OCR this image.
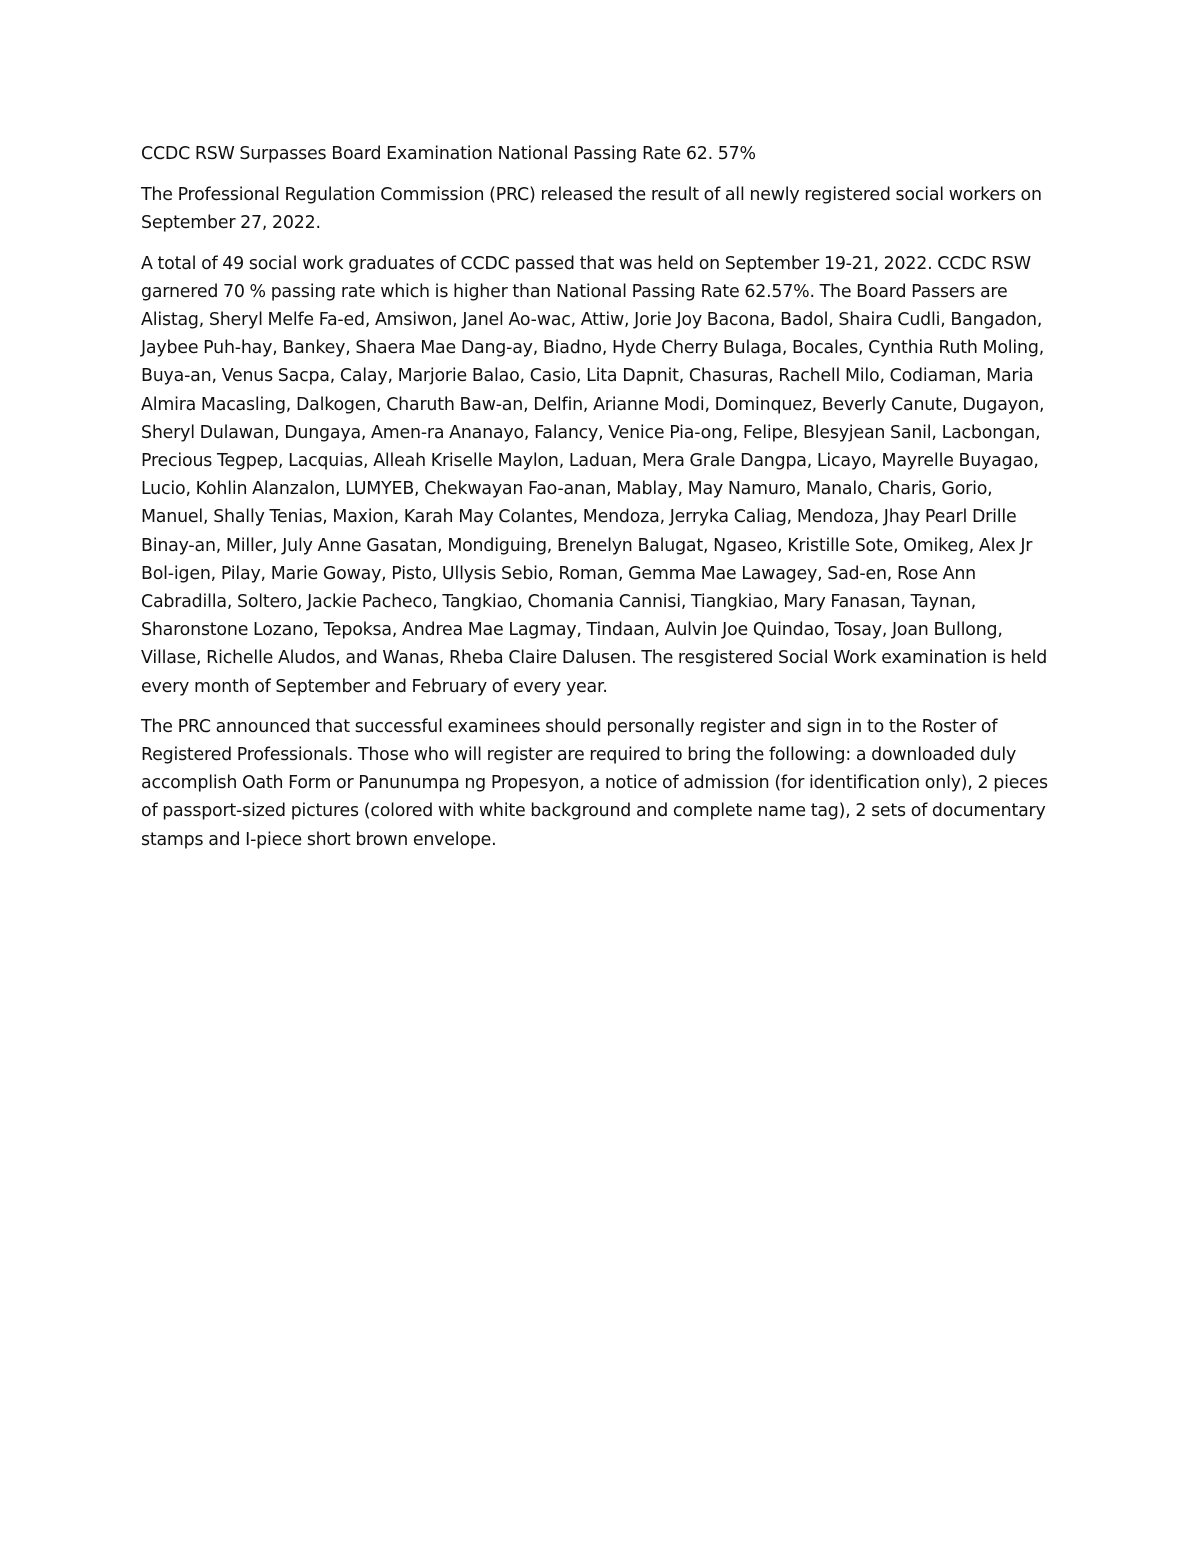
CCDC RSW Surpasses Board Examination National Passing Rate 62. 57%

The Professional Regulation Commission (PRC) released the result of all newly registered social workers on September 27, 2022.

A total of 49 social work graduates of CCDC passed that was held on September 19-21, 2022. CCDC RSW garnered 70 % passing rate which is higher than National Passing Rate 62.57%. The Board Passers are Alistag, Sheryl Melfe Fa-ed, Amsiwon, Janel Ao-wac, Attiw, Jorie Joy Bacona, Badol, Shaira Cudli, Bangadon, Jaybee Puh-hay, Bankey, Shaera Mae Dang-ay, Biadno, Hyde Cherry Bulaga, Bocales, Cynthia Ruth Moling, Buya-an, Venus Sacpa, Calay, Marjorie Balao, Casio, Lita Dapnit, Chasuras, Rachell Milo, Codiaman, Maria Almira Macasling, Dalkogen, Charuth Baw-an, Delfin, Arianne Modi, Dominquez, Beverly Canute, Dugayon, Sheryl Dulawan, Dungaya, Amen-ra Ananayo, Falancy, Venice Pia-ong, Felipe, Blesyjean Sanil, Lacbongan, Precious Tegpep, Lacquias, Alleah Kriselle Maylon, Laduan, Mera Grale Dangpa, Licayo, Mayrelle Buyagao, Lucio, Kohlin Alanzalon, LUMYEB, Chekwayan Fao-anan, Mablay, May Namuro, Manalo, Charis, Gorio, Manuel, Shally Tenias, Maxion, Karah May Colantes, Mendoza, Jerryka Caliag, Mendoza, Jhay Pearl Drille Binay-an, Miller, July Anne Gasatan, Mondiguing, Brenelyn Balugat, Ngaseo, Kristille Sote, Omikeg, Alex Jr Bol-igen, Pilay, Marie Goway, Pisto, Ullysis Sebio, Roman, Gemma Mae Lawagey, Sad-en, Rose Ann Cabradilla, Soltero, Jackie Pacheco, Tangkiao, Chomania Cannisi, Tiangkiao, Mary Fanasan, Taynan, Sharonstone Lozano, Tepoksa, Andrea Mae Lagmay, Tindaan, Aulvin Joe Quindao, Tosay, Joan Bullong, Villase, Richelle Aludos, and Wanas, Rheba Claire Dalusen. The resgistered Social Work examination is held every month of September and February of every year.

The PRC announced that successful examinees should personally register and sign in to the Roster of Registered Professionals. Those who will register are required to bring the following: a downloaded duly accomplish Oath Form or Panunumpa ng Propesyon, a notice of admission (for identification only), 2 pieces of passport-sized pictures (colored with white background and complete name tag), 2 sets of documentary stamps and I-piece short brown envelope.
